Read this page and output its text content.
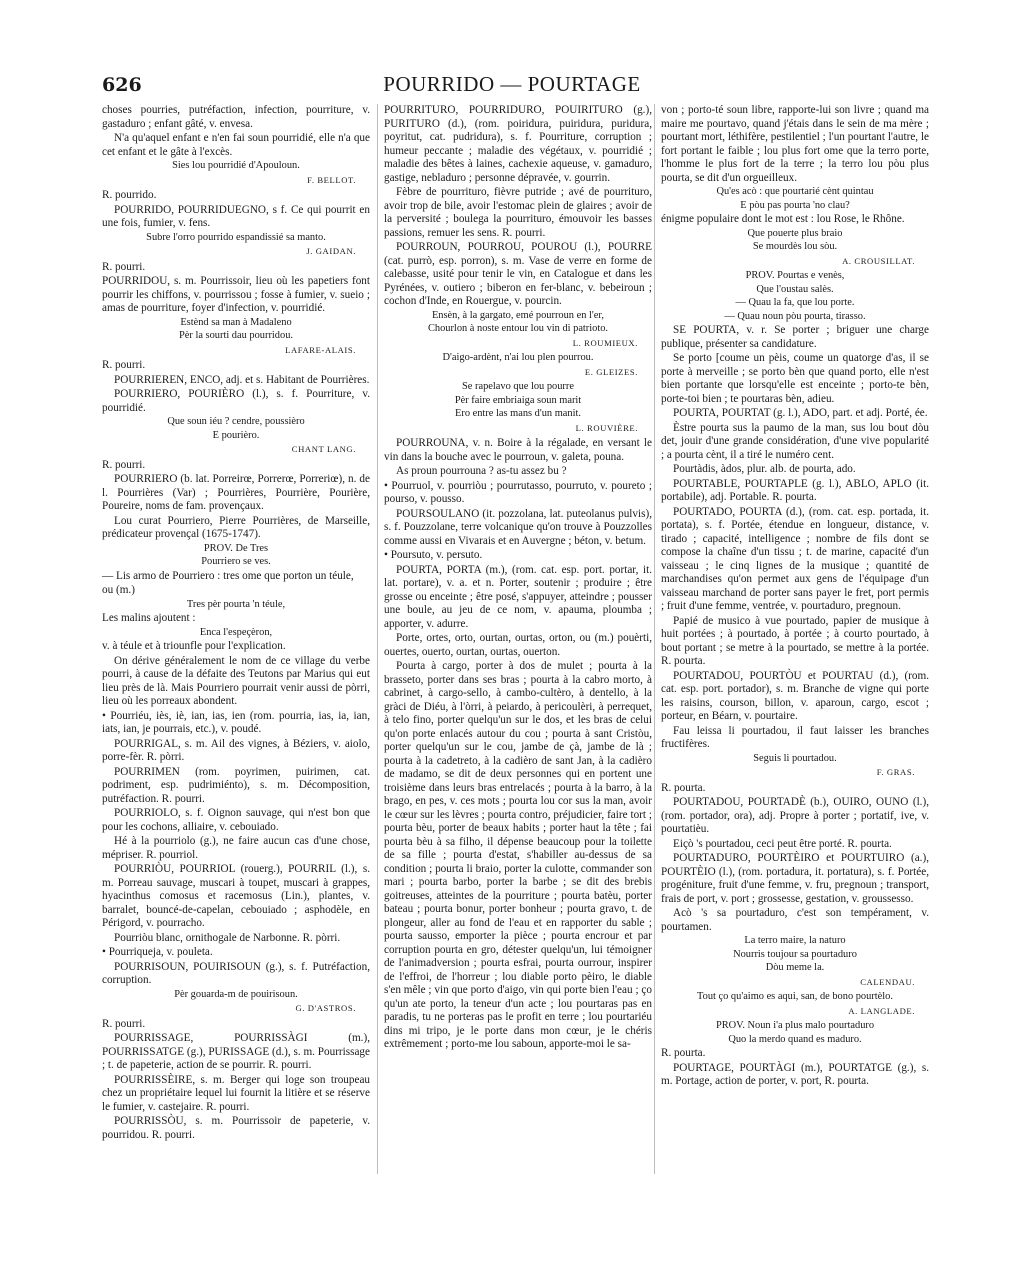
626	POURRIDO — POURTAGE
choses pourries, putréfaction, infection, pourriture, v. gastaduro ; enfant gâté, v. envesa.
N'a qu'aquel enfant e n'en fai soun pourridié, elle n'a que cet enfant et le gâte à l'excès.
Sies lou pourridié d'Apouloun.
F. BELLOT.
R. pourrido.
POURRIDO, POURRIDUEGNO, s f. Ce qui pourrit en une fois, fumier, v. fens.
Subre l'orro pourrido espandissié sa manto.
J. GAIDAN.
R. pourri.
POURRIDOU, s. m. Pourrissoir, lieu où les papetiers font pourrir les chiffons, v. pourrissou ; fosse à fumier, v. sueio ; amas de pourriture, foyer d'infection, v. pourridié.
Estènd sa man à Madaleno
Pèr la sourti dau pourridou.
LAFARE-ALAIS.
R. pourri.
POURRIEREN, ENCO, adj. et s. Habitant de Pourrières.
POURRIERO, POURIÈRO (l.), s. f. Pourriture, v. pourridié.
Que soun iéu ? cendre, poussièro
E pourièro.
CHANT LANG.
R. pourri.
POURRIERO (b. lat. Porreirœ, Porrerœ, Porreriœ), n. de l. Pourrières (Var) ; Pourrières, Pourrière, Pourière, Poureire, noms de fam. provençaux.
Lou curat Pourriero, Pierre Pourrières, de Marseille, prédicateur provençal (1675-1747).
PROV. De Tres
Pourriero se ves.
— Lis armo de Pourriero : tres ome que porton un téule,
ou (m.)
Tres pèr pourta 'n téule,
Les malins ajoutent :
Enca l'espeçèron,
v. à téule et à triounfle pour l'explication.
On dérive généralement le nom de ce village du verbe pourri, à cause de la défaite des Teutons par Marius qui eut lieu près de là. Mais Pourriero pourrait venir aussi de pòrri, lieu où les porreaux abondent.
• Pourriéu, iès, iè, ian, ias, ien (rom. pourria, ias, ia, ian, iats, ian, je pourrais, etc.), v. poudé.
POURRIGAL, s. m. Ail des vignes, à Béziers, v. aiolo, porre-fèr. R. pòrri.
POURRIMEN (rom. poyrimen, puirimen, cat. podriment, esp. pudrimiénto), s. m. Décomposition, putréfaction. R. pourri.
POURRIOLO, s. f. Oignon sauvage, qui n'est bon que pour les cochons, alliaire, v. cebouiado.
Hé à la pourriolo (g.), ne faire aucun cas d'une chose, mépriser. R. pourriol.
POURRIÒU, POURRIOL (rouerg.), POURRIL (l.), s. m. Porreau sauvage, muscari à toupet, muscari à grappes, hyacinthus comosus et racemosus (Lin.), plantes, v. barralet, bouncé-de-capelan, cebouiado ; asphodèle, en Périgord, v. pourracho.
Pourriòu blanc, ornithogale de Narbonne. R. pòrri.
• Pourriqueja, v. pouleta.
POURRISOUN, POUIRISOUN (g.), s. f. Putréfaction, corruption.
Pèr gouarda-m de pouirisoun.
G. D'ASTROS.
R. pourri.
POURRISSAGE, POURRISSÀGI (m.), POURRISSATGE (g.), PURISSAGE (d.), s. m. Pourrissage ; t. de papeterie, action de se pourrir. R. pourri.
POURRISSÈIRE, s. m. Berger qui loge son troupeau chez un propriétaire lequel lui fournit la litière et se réserve le fumier, v. castejaire. R. pourri.
POURRISSÒU, s. m. Pourrissoir de papeterie, v. pourridou. R. pourri.
POURRITURO, POURRIDURO, POUIRITURO (g.), PURITURO (d.), (rom. poiridura, puiridura, puridura, poyritut, cat. pudridura), s. f. Pourriture, corruption ; humeur peccante ; maladie des végétaux, v. pourridié ; maladie des bêtes à laines, cachexie aqueuse, v. gamaduro, gastige, nebladuro ; personne dépravée, v. gourrin.
Fèbre de pourrituro, fièvre putride ; avé de pourrituro, avoir trop de bile, avoir l'estomac plein de glaires ; avoir de la perversité ; boulega la pourrituro, émouvoir les basses passions, remuer les sens. R. pourri.
POURROUN, POURROU, POUROU (l.), POURRE (cat. purrò, esp. porron), s. m. Vase de verre en forme de calebasse, usité pour tenir le vin, en Catalogue et dans les Pyrénées, v. outiero ; biberon en fer-blanc, v. bebeiroun ; cochon d'Inde, en Rouergue, v. pourcin.
Ensèn, à la gargato, emé pourroun en l'er,
Chourlon à noste entour lou vin di patrioto.
L. ROUMIEUX.
D'aigo-ardènt, n'ai lou plen pourrou.
E. GLEIZES.
Se rapelavo que lou pourre
Pèr faire embriaiga soun marit
Ero entre las mans d'un manit.
L. ROUVIÈRE.
POURROUNA, v. n. Boire à la régalade, en versant le vin dans la bouche avec le pourroun, v. galeta, pouna.
As proun pourrouna ? as-tu assez bu ?
• Pourruol, v. pourriòu ; pourrutasso, pourruto, v. poureto ; pourso, v. pousso.
POURSOULANO (it. pozzolana, lat. puteolanus pulvis), s. f. Pouzzolane, terre volcanique qu'on trouve à Pouzzolles comme aussi en Vivarais et en Auvergne ; béton, v. betum.
• Poursuto, v. persuto.
POURTA, PORTA (m.), (rom. cat. esp. port. portar, it. lat. portare), v. a. et n. Porter, soutenir ; produire ; être grosse ou enceinte ; être posé, s'appuyer, atteindre ; pousser une boule, au jeu de ce nom, v. apauma, ploumba ; apporter, v. adurre.
Porte, ortes, orto, ourtan, ourtas, orton, ou (m.) pouèrti, ouertes, ouerto, ourtan, ourtas, ouerton.
Pourta à cargo, porter à dos de mulet ; pourta à la brasseto, porter dans ses bras ; pourta à la cabro morto, à cabrinet, à cargo-sello, à cambo-cultèro, à dentello, à la gràci de Diéu, à l'òrri, à peiardo, à pericoulèri, à perrequet, à telo fino, porter quelqu'un sur le dos, et les bras de celui qu'on porte enlacés autour du cou ; pourta à sant Cristòu, porter quelqu'un sur le cou, jambe de çà, jambe de là ; pourta à la cadetreto, à la cadièro de sant Jan, à la cadièro de madamo, se dit de deux personnes qui en portent une troisième dans leurs bras entrelacés ; pourta à la barro, à la brago, en pes, v. ces mots ; pourta lou cor sus la man, avoir le cœur sur les lèvres ; pourta contro, préjudicier, faire tort ; pourta bèu, porter de beaux habits ; porter haut la tête ; fai pourta bèu à sa filho, il dépense beaucoup pour la toilette de sa fille ; pourta d'estat, s'habiller au-dessus de sa condition ; pourta li braio, porter la culotte, commander son mari ; pourta barbo, porter la barbe ; se dit des brebis goitreuses, atteintes de la pourriture ; pourta batèu, porter bateau ; pourta bonur, porter bonheur ; pourta gravo, t. de plongeur, aller au fond de l'eau et en rapporter du sable ; pourta sausso, emporter la pièce ; pourta encrour et par corruption pourta en gro, détester quelqu'un, lui témoigner de l'animadversion ; pourta esfrai, pourta ourrour, inspirer de l'effroi, de l'horreur ; lou diable porto pèiro, le diable s'en mêle ; vin que porto d'aigo, vin qui porte bien l'eau ; ço qu'un ate porto, la teneur d'un acte ; lou pourtaras pas en paradis, tu ne porteras pas le profit en terre ; lou pourtariéu dins mi tripo, je le porte dans mon cœur, je le chéris extrêmement ; porto-me lou saboun, apporte-moi le sa-
von ; porto-té soun libre, rapporte-lui son livre ; quand ma maire me pourtavo, quand j'étais dans le sein de ma mère ; pourtant mort, léthifère, pestilentiel ; l'un pourtant l'autre, le fort portant le faible ; lou plus fort ome que la terro porte, l'homme le plus fort de la terre ; la terro lou pòu plus pourta, se dit d'un orgueilleux.
Qu'es acò : que pourtarié cènt quintau
E pòu pas pourta 'no clau?
énigme populaire dont le mot est : lou Rose, le Rhône.
Que pouerte plus braio
Se mourdès lou sòu.
A. CROUSILLAT.
PROV. Pourtas e venès,
Que l'oustau salès.
— Quau la fa, que lou porte.
— Quau noun pòu pourta, tirasso.
SE POURTA, v. r. Se porter ; briguer une charge publique, présenter sa candidature.
Se porto [coume un pèis, coume un quatorge d'as, il se porte à merveille ; se porto bèn que quand porto, elle n'est bien portante que lorsqu'elle est enceinte ; porto-te bèn, porte-toi bien ; te pourtaras bèn, adieu.
POURTA, POURTAT (g. l.), ADO, part. et adj. Porté, ée.
Èstre pourta sus la paumo de la man, sus lou bout dòu det, jouir d'une grande considération, d'une vive popularité ; a pourta cènt, il a tiré le numéro cent.
Pourtàdis, àdos, plur. alb. de pourta, ado.
POURTABLE, POURTAPLE (g. l.), ABLO, APLO (it. portabile), adj. Portable. R. pourta.
POURTADO, POURTA (d.), (rom. cat. esp. portada, it. portata), s. f. Portée, étendue en longueur, distance, v. tirado ; capacité, intelligence ; nombre de fils dont se compose la chaîne d'un tissu ; t. de marine, capacité d'un vaisseau ; le cinq lignes de la musique ; quantité de marchandises qu'on permet aux gens de l'équipage d'un vaisseau marchand de porter sans payer le fret, port permis ; fruit d'une femme, ventrée, v. pourtaduro, pregnoun.
Papié de musico à vue pourtado, papier de musique à huit portées ; à pourtado, à portée ; à courto pourtado, à bout portant ; se metre à la pourtado, se mettre à la portée. R. pourta.
POURTADOU, POURTÒU et POURTAU (d.), (rom. cat. esp. port. portador), s. m. Branche de vigne qui porte les raisins, courson, billon, v. aparoun, cargo, escot ; porteur, en Béarn, v. pourtaire.
Fau leissa li pourtadou, il faut laisser les branches fructifères.
Seguis li pourtadou.
F. GRAS.
R. pourta.
POURTADOU, POURTADÈ (b.), OUIRO, OUNO (l.), (rom. portador, ora), adj. Propre à porter ; portatif, ive, v. pourtatièu.
Eiçò 's pourtadou, ceci peut être porté. R. pourta.
POURTADURO, POURTÈIRO et POURTUIRO (a.), POURTÈIO (l.), (rom. portadura, it. portatura), s. f. Portée, progéniture, fruit d'une femme, v. fru, pregnoun ; transport, frais de port, v. port ; grossesse, gestation, v. groussesso.
Acò 's sa pourtaduro, c'est son tempérament, v. pourtamen.
La terro maire, la naturo
Nourris toujour sa pourtaduro
Dòu meme la.
CALENDAU.
Tout ço qu'aimo es aqui, san, de bono pourtèlo.
A. LANGLADE.
PROV. Noun i'a plus malo pourtaduro
Quo la merdo quand es maduro.
R. pourta.
POURTAGE, POURTÀGI (m.), POURTATGE (g.), s. m. Portage, action de porter, v. port, R. pourta.
